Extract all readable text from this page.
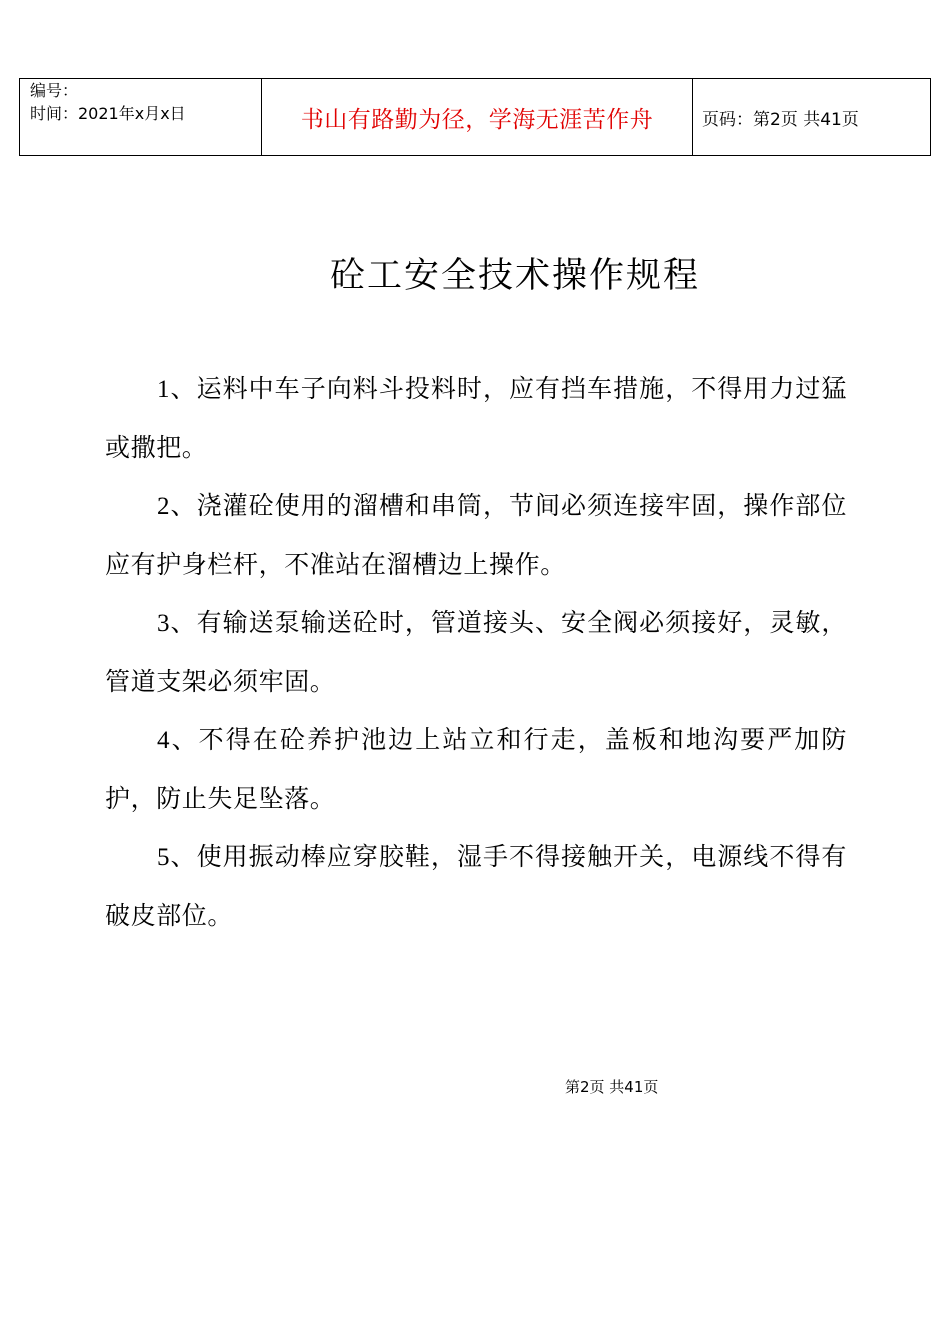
编号：
时间：2021年x月x日	书山有路勤为径，学海无涯苦作舟	页码：第2页 共41页
砼工安全技术操作规程

1、运料中车子向料斗投料时，应有挡车措施，不得用力过猛或撒把。

2、浇灌砼使用的溜槽和串筒，节间必须连接牢固，操作部位应有护身栏杆，不准站在溜槽边上操作。

3、有输送泵输送砼时，管道接头、安全阀必须接好，灵敏，管道支架必须牢固。

4、不得在砼养护池边上站立和行走，盖板和地沟要严加防护，防止失足坠落。

5、使用振动棒应穿胶鞋，湿手不得接触开关，电源线不得有破皮部位。

第2页 共41页
